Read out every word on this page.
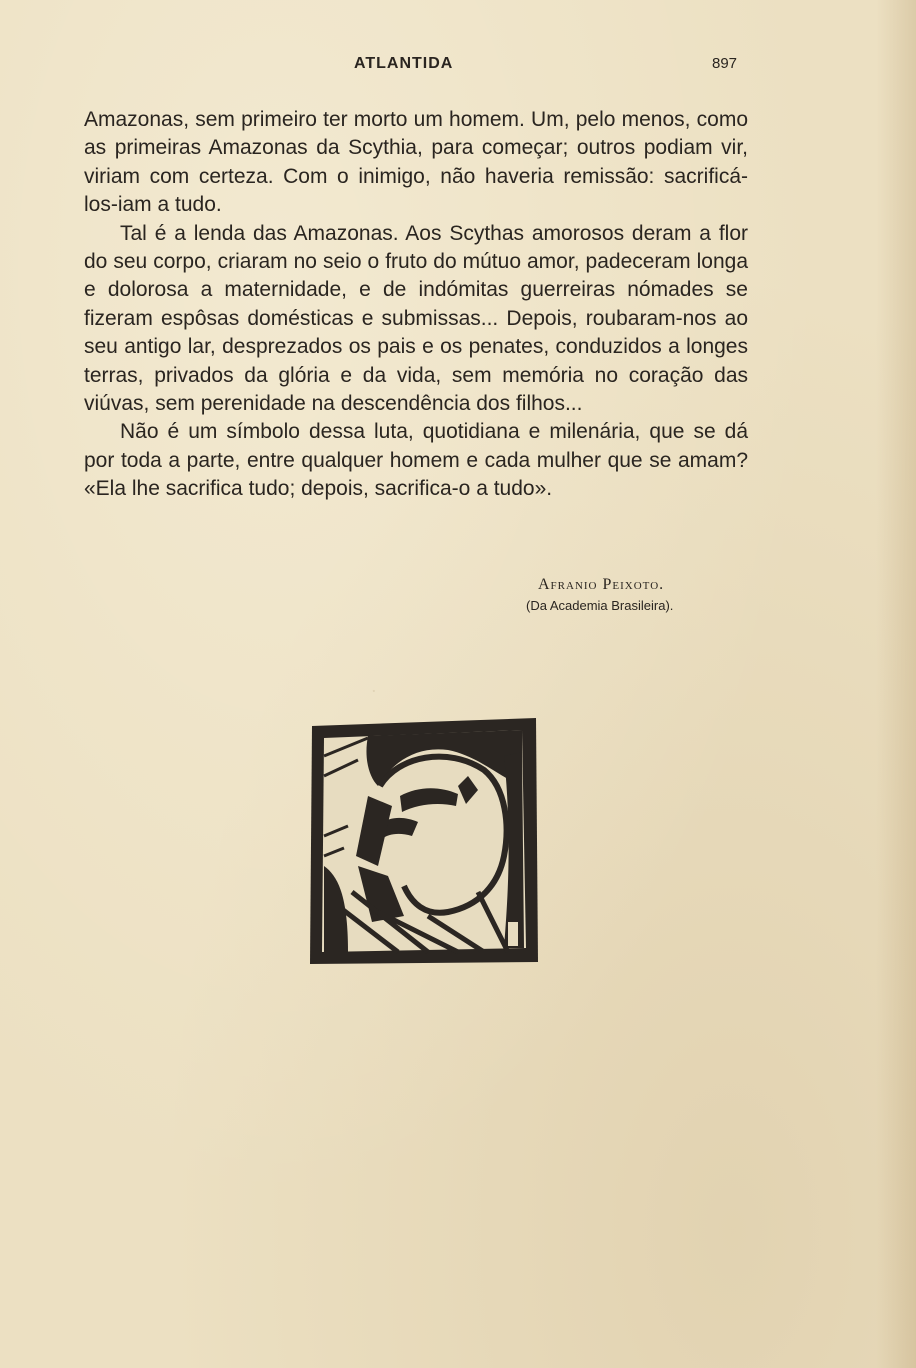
.
ATLANTIDA	897

Amazonas, sem primeiro ter morto um homem. Um, pelo menos, como as primeiras Amazonas da Scythia, para começar; outros podiam vir, viriam com certeza. Com o inimigo, não haveria remissão: sacrificá-los-iam a tudo.

Tal é a lenda das Amazonas. Aos Scythas amorosos deram a flor do seu corpo, criaram no seio o fruto do mútuo amor, padeceram longa e dolorosa a maternidade, e de indómitas guerreiras nómades se fizeram espôsas domésticas e submissas... Depois, roubaram-nos ao seu antigo lar, desprezados os pais e os penates, conduzidos a longes terras, privados da glória e da vida, sem memória no coração das viúvas, sem perenidade na descendência dos filhos...

Não é um símbolo dessa luta, quotidiana e milenária, que se dá por toda a parte, entre qualquer homem e cada mulher que se amam? «Ela lhe sacrifica tudo; depois, sacrifica-o a tudo».

Afranio Peixoto.
(Da Academia Brasileira).
